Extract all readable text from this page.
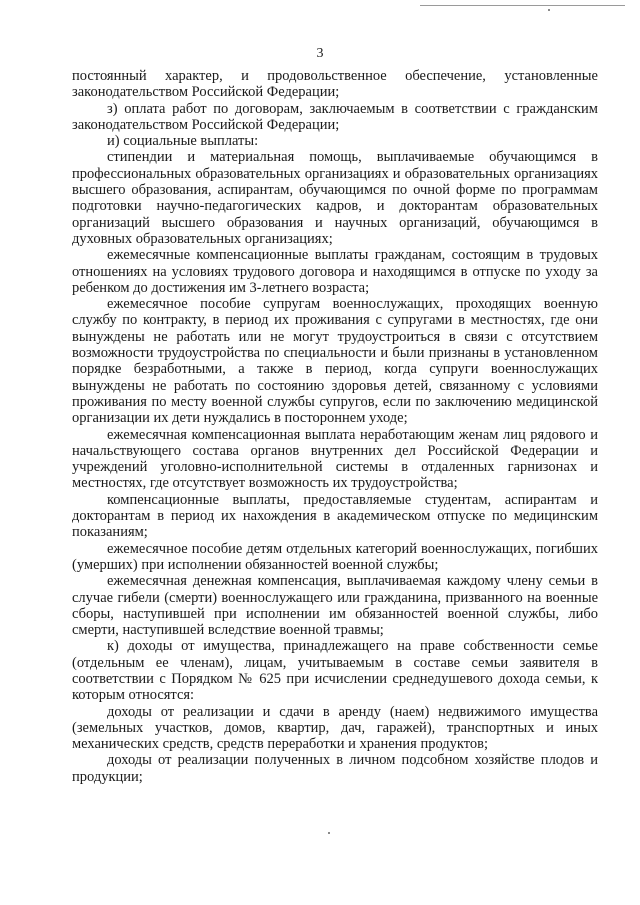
3

постоянный характер, и продовольственное обеспечение, установленные законодательством Российской Федерации;

з) оплата работ по договорам, заключаемым в соответствии с гражданским законодательством Российской Федерации;

и) социальные выплаты:

стипендии и материальная помощь, выплачиваемые обучающимся в профессиональных образовательных организациях и образовательных организациях высшего образования, аспирантам, обучающимся по очной форме по программам подготовки научно-педагогических кадров, и докторантам образовательных организаций высшего образования и научных организаций, обучающимся в духовных образовательных организациях;

ежемесячные компенсационные выплаты гражданам, состоящим в трудовых отношениях на условиях трудового договора и находящимся в отпуске по уходу за ребенком до достижения им 3-летнего возраста;

ежемесячное пособие супругам военнослужащих, проходящих военную службу по контракту, в период их проживания с супругами в местностях, где они вынуждены не работать или не могут трудоустроиться в связи с отсутствием возможности трудоустройства по специальности и были признаны в установленном порядке безработными, а также в период, когда супруги военнослужащих вынуждены не работать по состоянию здоровья детей, связанному с условиями проживания по месту военной службы супругов, если по заключению медицинской организации их дети нуждались в постороннем уходе;

ежемесячная компенсационная выплата неработающим женам лиц рядового и начальствующего состава органов внутренних дел Российской Федерации и учреждений уголовно-исполнительной системы в отдаленных гарнизонах и местностях, где отсутствует возможность их трудоустройства;

компенсационные выплаты, предоставляемые студентам, аспирантам и докторантам в период их нахождения в академическом отпуске по медицинским показаниям;

ежемесячное пособие детям отдельных категорий военнослужащих, погибших (умерших) при исполнении обязанностей военной службы;

ежемесячная денежная компенсация, выплачиваемая каждому члену семьи в случае гибели (смерти) военнослужащего или гражданина, призванного на военные сборы, наступившей при исполнении им обязанностей военной службы, либо смерти, наступившей вследствие военной травмы;

к) доходы от имущества, принадлежащего на праве собственности семье (отдельным ее членам), лицам, учитываемым в составе семьи заявителя в соответствии с Порядком № 625 при исчислении среднедушевого дохода семьи, к которым относятся:

доходы от реализации и сдачи в аренду (наем) недвижимого имущества (земельных участков, домов, квартир, дач, гаражей), транспортных и иных механических средств, средств переработки и хранения продуктов;

доходы от реализации полученных в личном подсобном хозяйстве плодов и продукции;
